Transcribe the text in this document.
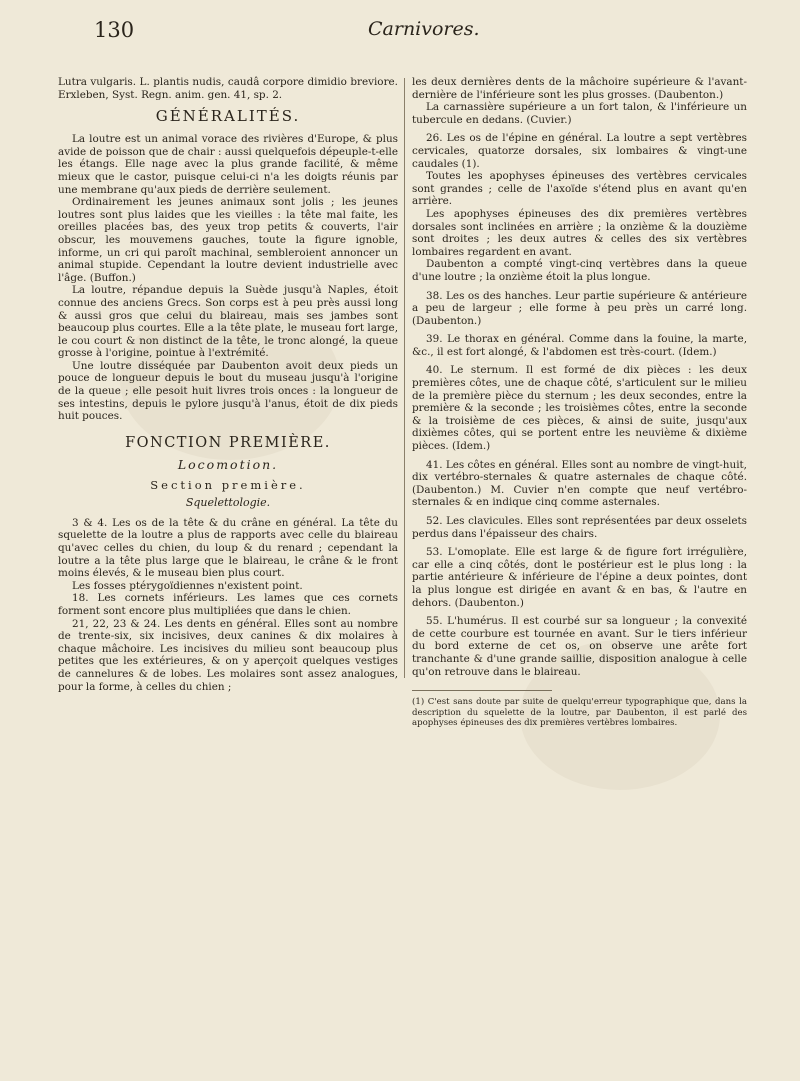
130	Carnivores.

Lutra vulgaris. L. plantis nudis, caudâ corpore dimidio breviore. Erxleben, Syst. Regn. anim. gen. 41, sp. 2.

GÉNÉRALITÉS.

La loutre est un animal vorace des rivières d'Europe, & plus avide de poisson que de chair : aussi quelquefois dépeuple-t-elle les étangs. Elle nage avec la plus grande facilité, & même mieux que le castor, puisque celui-ci n'a les doigts réunis par une membrane qu'aux pieds de derrière seulement.

Ordinairement les jeunes animaux sont jolis ; les jeunes loutres sont plus laides que les vieilles : la tête mal faite, les oreilles placées bas, des yeux trop petits & couverts, l'air obscur, les mouvemens gauches, toute la figure ignoble, informe, un cri qui paroît machinal, sembleroient annoncer un animal stupide. Cependant la loutre devient industrielle avec l'âge. (Buffon.)

La loutre, répandue depuis la Suède jusqu'à Naples, étoit connue des anciens Grecs. Son corps est à peu près aussi long & aussi gros que celui du blaireau, mais ses jambes sont beaucoup plus courtes. Elle a la tête plate, le museau fort large, le cou court & non distinct de la tête, le tronc alongé, la queue grosse à l'origine, pointue à l'extrémité.

Une loutre disséquée par Daubenton avoit deux pieds un pouce de longueur depuis le bout du museau jusqu'à l'origine de la queue ; elle pesoit huit livres trois onces : la longueur de ses intestins, depuis le pylore jusqu'à l'anus, étoit de dix pieds huit pouces.

FONCTION PREMIÈRE.
Locomotion.
Section première.
Squelettologie.

3 & 4. Les os de la tête & du crâne en général. La tête du squelette de la loutre a plus de rapports avec celle du blaireau qu'avec celles du chien, du loup & du renard ; cependant la loutre a la tête plus large que le blaireau, le crâne & le front moins élevés, & le museau bien plus court.

Les fosses ptérygoïdiennes n'existent point.

18. Les cornets inférieurs. Les lames que ces cornets forment sont encore plus multipliées que dans le chien.

21, 22, 23 & 24. Les dents en général. Elles sont au nombre de trente-six, six incisives, deux canines & dix molaires à chaque mâchoire. Les incisives du milieu sont beaucoup plus petites que les extérieures, & on y aperçoit quelques vestiges de cannelures & de lobes. Les molaires sont assez analogues, pour la forme, à celles du chien ;

les deux dernières dents de la mâchoire supérieure & l'avant-dernière de l'inférieure sont les plus grosses. (Daubenton.)

La carnassière supérieure a un fort talon, & l'inférieure un tubercule en dedans. (Cuvier.)

26. Les os de l'épine en général. La loutre a sept vertèbres cervicales, quatorze dorsales, six lombaires & vingt-une caudales (1).

Toutes les apophyses épineuses des vertèbres cervicales sont grandes ; celle de l'axoïde s'étend plus en avant qu'en arrière.

Les apophyses épineuses des dix premières vertèbres dorsales sont inclinées en arrière ; la onzième & la douzième sont droites ; les deux autres & celles des six vertèbres lombaires regardent en avant.

Daubenton a compté vingt-cinq vertèbres dans la queue d'une loutre ; la onzième étoit la plus longue.

38. Les os des hanches. Leur partie supérieure & antérieure a peu de largeur ; elle forme à peu près un carré long. (Daubenton.)

39. Le thorax en général. Comme dans la fouine, la marte, &c., il est fort alongé, & l'abdomen est très-court. (Idem.)

40. Le sternum. Il est formé de dix pièces : les deux premières côtes, une de chaque côté, s'articulent sur le milieu de la première pièce du sternum ; les deux secondes, entre la première & la seconde ; les troisièmes côtes, entre la seconde & la troisième de ces pièces, & ainsi de suite, jusqu'aux dixièmes côtes, qui se portent entre les neuvième & dixième pièces. (Idem.)

41. Les côtes en général. Elles sont au nombre de vingt-huit, dix vertébro-sternales & quatre asternales de chaque côté. (Daubenton.) M. Cuvier n'en compte que neuf vertébro-sternales & en indique cinq comme asternales.

52. Les clavicules. Elles sont représentées par deux osselets perdus dans l'épaisseur des chairs.

53. L'omoplate. Elle est large & de figure fort irrégulière, car elle a cinq côtés, dont le postérieur est le plus long : la partie antérieure & inférieure de l'épine a deux pointes, dont la plus longue est dirigée en avant & en bas, & l'autre en dehors. (Daubenton.)

55. L'humérus. Il est courbé sur sa longueur ; la convexité de cette courbure est tournée en avant. Sur le tiers inférieur du bord externe de cet os, on observe une arête fort tranchante & d'une grande saillie, disposition analogue à celle qu'on retrouve dans le blaireau.

(1) C'est sans doute par suite de quelqu'erreur typographique que, dans la description du squelette de la loutre, par Daubenton, il est parlé des apophyses épineuses des dix premières vertèbres lombaires.
